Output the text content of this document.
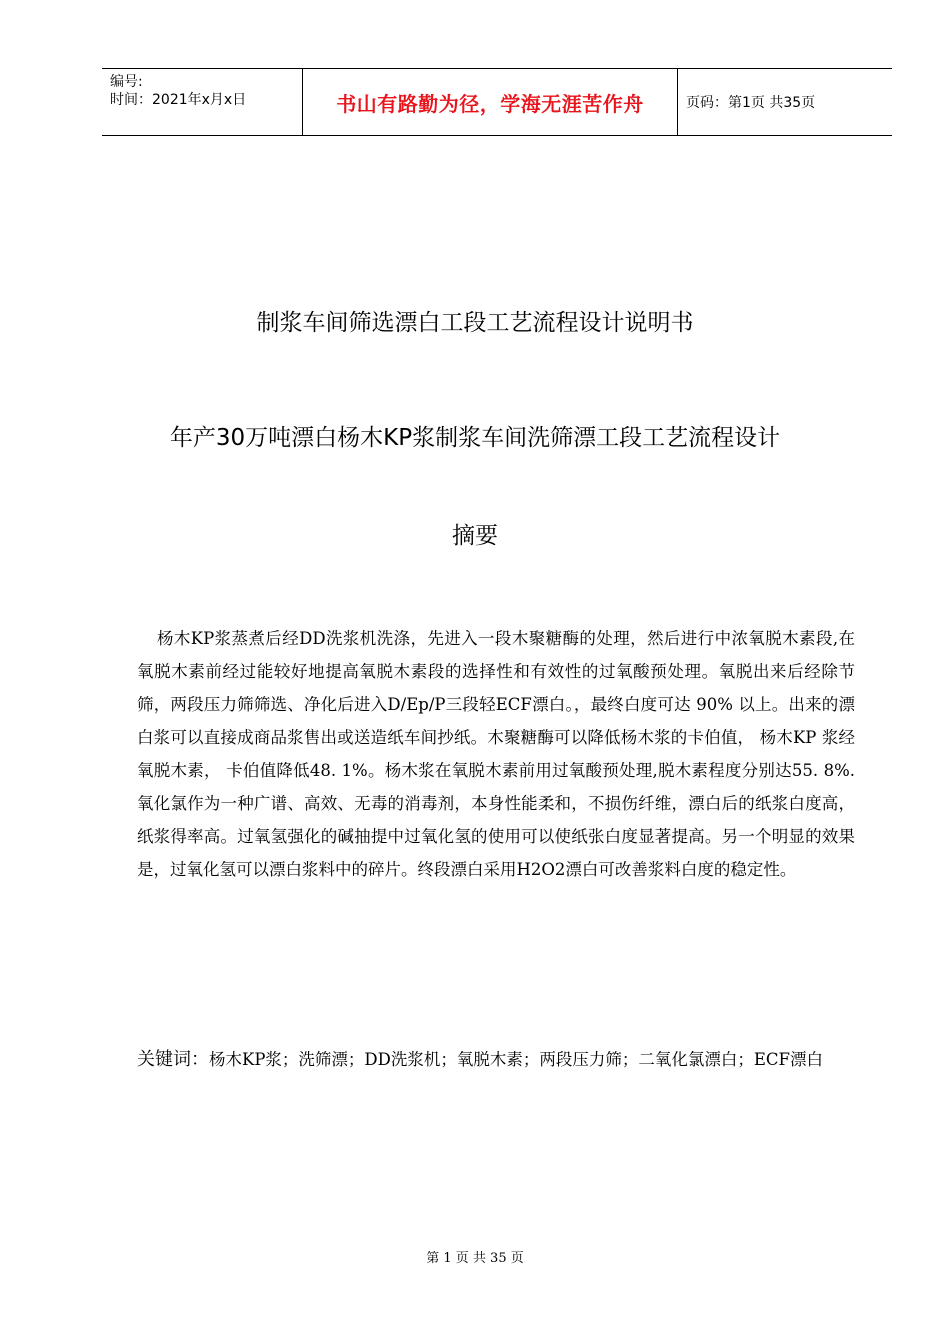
编号:
时间：2021年x月x日	书山有路勤为径，学海无涯苦作舟	页码：第1页 共35页
制浆车间筛选漂白工段工艺流程设计说明书
年产30万吨漂白杨木KP浆制浆车间洗筛漂工段工艺流程设计
摘要

杨木KP浆蒸煮后经DD洗浆机洗涤，先进入一段木聚糖酶的处理，然后进行中浓氧脱木素段,在氧脱木素前经过能较好地提高氧脱木素段的选择性和有效性的过氧酸预处理。氧脱出来后经除节筛，两段压力筛筛选、净化后进入D/Ep/P三段轻ECF漂白。，最终白度可达 90% 以上。出来的漂白浆可以直接成商品浆售出或送造纸车间抄纸。木聚糖酶可以降低杨木浆的卡伯值， 杨木KP 浆经氧脱木素， 卡伯值降低48. 1%。杨木浆在氧脱木素前用过氧酸预处理,脱木素程度分别达55. 8%.氧化氯作为一种广谱、高效、无毒的消毒剂，本身性能柔和，不损伤纤维，漂白后的纸浆白度高，纸浆得率高。过氧氢强化的碱抽提中过氧化氢的使用可以使纸张白度显著提高。另一个明显的效果是，过氧化氢可以漂白浆料中的碎片。终段漂白采用H2O2漂白可改善浆料白度的稳定性。

关键词：杨木KP浆；洗筛漂；DD洗浆机；氧脱木素；两段压力筛；二氧化氯漂白；ECF漂白

第 1 页 共 35 页
